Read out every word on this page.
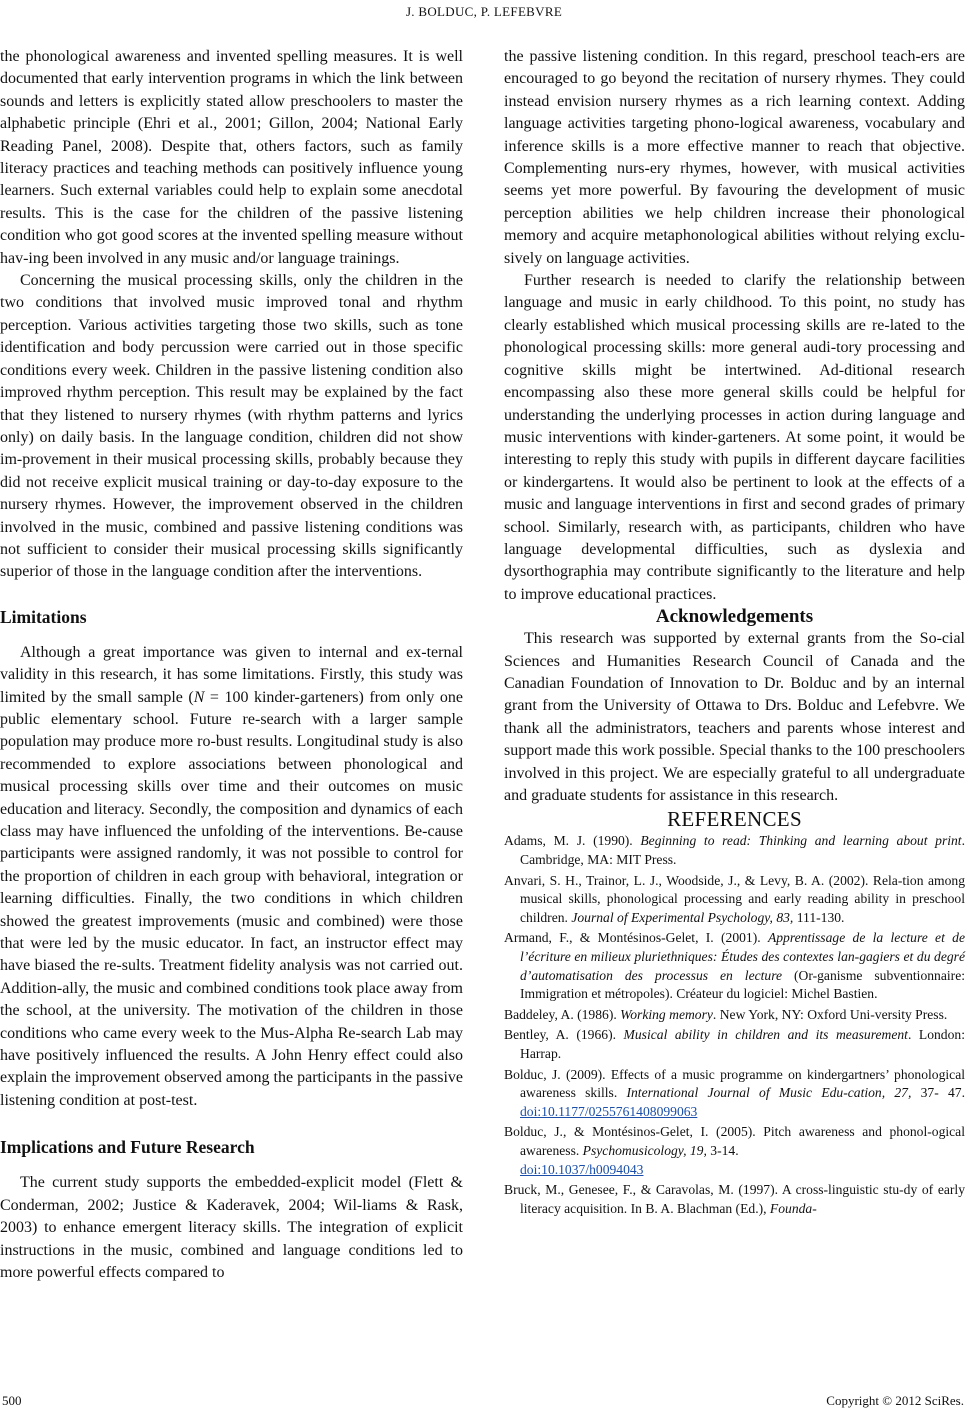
J. BOLDUC, P. LEFEBVRE

the phonological awareness and invented spelling measures. It is well documented that early intervention programs in which the link between sounds and letters is explicitly stated allow preschoolers to master the alphabetic principle (Ehri et al., 2001; Gillon, 2004; National Early Reading Panel, 2008). Despite that, others factors, such as family literacy practices and teaching methods can positively influence young learners. Such external variables could help to explain some anecdotal results. This is the case for the children of the passive listening condition who got good scores at the invented spelling measure without hav-ing been involved in any music and/or language trainings.

Concerning the musical processing skills, only the children in the two conditions that involved music improved tonal and rhythm perception. Various activities targeting those two skills, such as tone identification and body percussion were carried out in those specific conditions every week. Children in the passive listening condition also improved rhythm perception. This result may be explained by the fact that they listened to nursery rhymes (with rhythm patterns and lyrics only) on daily basis. In the language condition, children did not show im-provement in their musical processing skills, probably because they did not receive explicit musical training or day-to-day exposure to the nursery rhymes. However, the improvement observed in the children involved in the music, combined and passive listening conditions was not sufficient to consider their musical processing skills significantly superior of those in the language condition after the interventions.

Limitations

Although a great importance was given to internal and ex-ternal validity in this research, it has some limitations. Firstly, this study was limited by the small sample (N = 100 kinder-garteners) from only one public elementary school. Future re-search with a larger sample population may produce more ro-bust results. Longitudinal study is also recommended to explore associations between phonological and musical processing skills over time and their outcomes on music education and literacy. Secondly, the composition and dynamics of each class may have influenced the unfolding of the interventions. Be-cause participants were assigned randomly, it was not possible to control for the proportion of children in each group with behavioral, integration or learning difficulties. Finally, the two conditions in which children showed the greatest improvements (music and combined) were those that were led by the music educator. In fact, an instructor effect may have biased the re-sults. Treatment fidelity analysis was not carried out. Addition-ally, the music and combined conditions took place away from the school, at the university. The motivation of the children in those conditions who came every week to the Mus-Alpha Re-search Lab may have positively influenced the results. A John Henry effect could also explain the improvement observed among the participants in the passive listening condition at post-test.

Implications and Future Research

The current study supports the embedded-explicit model (Flett & Conderman, 2002; Justice & Kaderavek, 2004; Wil-liams & Rask, 2003) to enhance emergent literacy skills. The integration of explicit instructions in the music, combined and language conditions led to more powerful effects compared to

the passive listening condition. In this regard, preschool teach-ers are encouraged to go beyond the recitation of nursery rhymes. They could instead envision nursery rhymes as a rich learning context. Adding language activities targeting phono-logical awareness, vocabulary and inference skills is a more effective manner to reach that objective. Complementing nurs-ery rhymes, however, with musical activities seems yet more powerful. By favouring the development of music perception abilities we help children increase their phonological memory and acquire metaphonological abilities without relying exclu-sively on language activities.

Further research is needed to clarify the relationship between language and music in early childhood. To this point, no study has clearly established which musical processing skills are re-lated to the phonological processing skills: more general audi-tory processing and cognitive skills might be intertwined. Ad-ditional research encompassing also these more general skills could be helpful for understanding the underlying processes in action during language and music interventions with kinder-garteners. At some point, it would be interesting to reply this study with pupils in different daycare facilities or kindergartens. It would also be pertinent to look at the effects of a music and language interventions in first and second grades of primary school. Similarly, research with, as participants, children who have language developmental difficulties, such as dyslexia and dysorthographia may contribute significantly to the literature and help to improve educational practices.

Acknowledgements

This research was supported by external grants from the So-cial Sciences and Humanities Research Council of Canada and the Canadian Foundation of Innovation to Dr. Bolduc and by an internal grant from the University of Ottawa to Drs. Bolduc and Lefebvre. We thank all the administrators, teachers and parents whose interest and support made this work possible. Special thanks to the 100 preschoolers involved in this project. We are especially grateful to all undergraduate and graduate students for assistance in this research.

REFERENCES

Adams, M. J. (1990). Beginning to read: Thinking and learning about print. Cambridge, MA: MIT Press.

Anvari, S. H., Trainor, L. J., Woodside, J., & Levy, B. A. (2002). Rela-tion among musical skills, phonological processing and early reading ability in preschool children. Journal of Experimental Psychology, 83, 111-130.

Armand, F., & Montésinos-Gelet, I. (2001). Apprentissage de la lecture et de l’écriture en milieux pluriethniques: Études des contextes lan-gagiers et du degré d’automatisation des processus en lecture (Or-ganisme subventionnaire: Immigration et métropoles). Créateur du logiciel: Michel Bastien.

Baddeley, A. (1986). Working memory. New York, NY: Oxford Uni-versity Press.

Bentley, A. (1966). Musical ability in children and its measurement. London: Harrap.

Bolduc, J. (2009). Effects of a music programme on kindergartners’ phonological awareness skills. International Journal of Music Edu-cation, 27, 37- 47. doi:10.1177/0255761408099063

Bolduc, J., & Montésinos-Gelet, I. (2005). Pitch awareness and phonol-ogical awareness. Psychomusicology, 19, 3-14.
doi:10.1037/h0094043

Bruck, M., Genesee, F., & Caravolas, M. (1997). A cross-linguistic stu-dy of early literacy acquisition. In B. A. Blachman (Ed.), Founda-

500	Copyright © 2012 SciRes.
